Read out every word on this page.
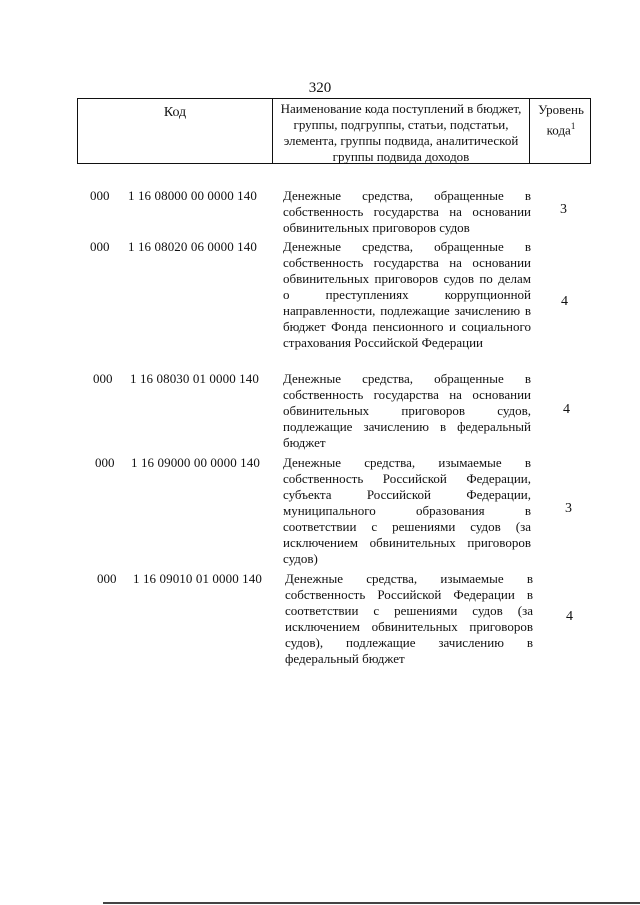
320
Код	Наименование кода поступлений в бюджет, группы, подгруппы, статьи, подстатьи, элемента, группы подвида, аналитической группы подвида доходов
Уровень кода$^1$
000 1 16 08000 00 0000 140 Денежные средства, обращенные в собственность государства на основании обвинительных приговоров судов
3
000 1 16 08020 06 0000 140 Денежные средства, обращенные в собственность государства на основании обвинительных приговоров судов по делам о преступлениях коррупционной направленности, подлежащие зачислению в бюджет Фонда пенсионного и социального страхования Российской Федерации
4
000 1 16 08030 01 0000 140 Денежные средства, обращенные в собственность государства на основании обвинительных приговоров судов, подлежащие зачислению в федеральный бюджет
4
000 1 16 09000 00 0000 140 Денежные средства, изымаемые в собственность Российской Федерации, субъекта Российской Федерации, муниципального образования в соответствии с решениями судов (за исключением обвинительных приговоров судов)
3
000 1 16 09010 01 0000 140 Денежные средства, изымаемые в собственность Российской Федерации в соответствии с решениями судов (за исключением обвинительных приговоров судов), подлежащие зачислению в федеральный бюджет
4
